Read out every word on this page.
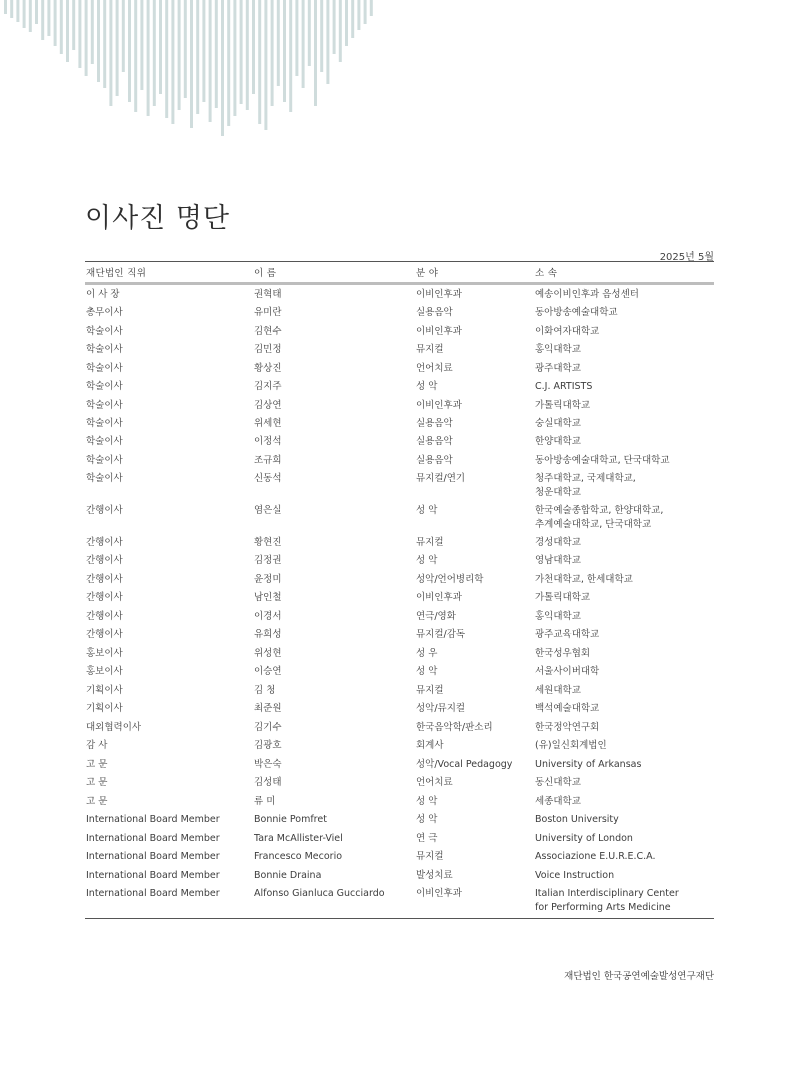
이사진 명단
2025년 5월
재단법인 직위	이 름	분 야	소 속
이 사 장	권혁태	이비인후과	예송이비인후과 음성센터

총무이사	유미란	실용음악	동아방송예술대학교

학술이사	김현수	이비인후과	이화여자대학교

학술이사	김민정	뮤지컬	홍익대학교

학술이사	황상진	언어치료	광주대학교

학술이사	김지주	성 악	C.J. ARTISTS

학술이사	김상연	이비인후과	가톨릭대학교

학술이사	위세현	실용음악	숭실대학교

학술이사	이정석	실용음악	한양대학교

학술이사	조규희	실용음악	동아방송예술대학교, 단국대학교

학술이사	신동석	뮤지컬/연기	청주대학교, 국제대학교,
청운대학교

간행이사	염은실	성 악	한국예술종합학교, 한양대학교,
추계예술대학교, 단국대학교

간행이사	황현진	뮤지컬	경성대학교

간행이사	김정권	성 악	영남대학교

간행이사	윤정미	성악/언어병리학	가천대학교, 한세대학교

간행이사	남인철	이비인후과	가톨릭대학교

간행이사	이경서	연극/영화	홍익대학교

간행이사	유희성	뮤지컬/감독	광주교육대학교

홍보이사	위성현	성 우	한국성우협회

홍보이사	이승연	성 악	서울사이버대학

기획이사	김 청	뮤지컬	세원대학교

기획이사	최준원	성악/뮤지컬	백석예술대학교

대외협력이사	김기수	한국음악학/판소리	한국정악연구회

감 사	김광호	회계사	(유)일신회계법인

고 문	박은숙	성악/Vocal Pedagogy	University of Arkansas

고 문	김성태	언어치료	동신대학교

고 문	류 미	성 악	세종대학교

International Board Member	Bonnie Pomfret	성 악	Boston University

International Board Member	Tara McAllister-Viel	연 극	University of London

International Board Member	Francesco Mecorio	뮤지컬	Associazione E.U.R.E.C.A.

International Board Member	Bonnie Draina	발성치료	Voice Instruction

International Board Member	Alfonso Gianluca Gucciardo	이비인후과	Italian Interdisciplinary Center
for Performing Arts Medicine
재단법인 한국공연예술발성연구재단
